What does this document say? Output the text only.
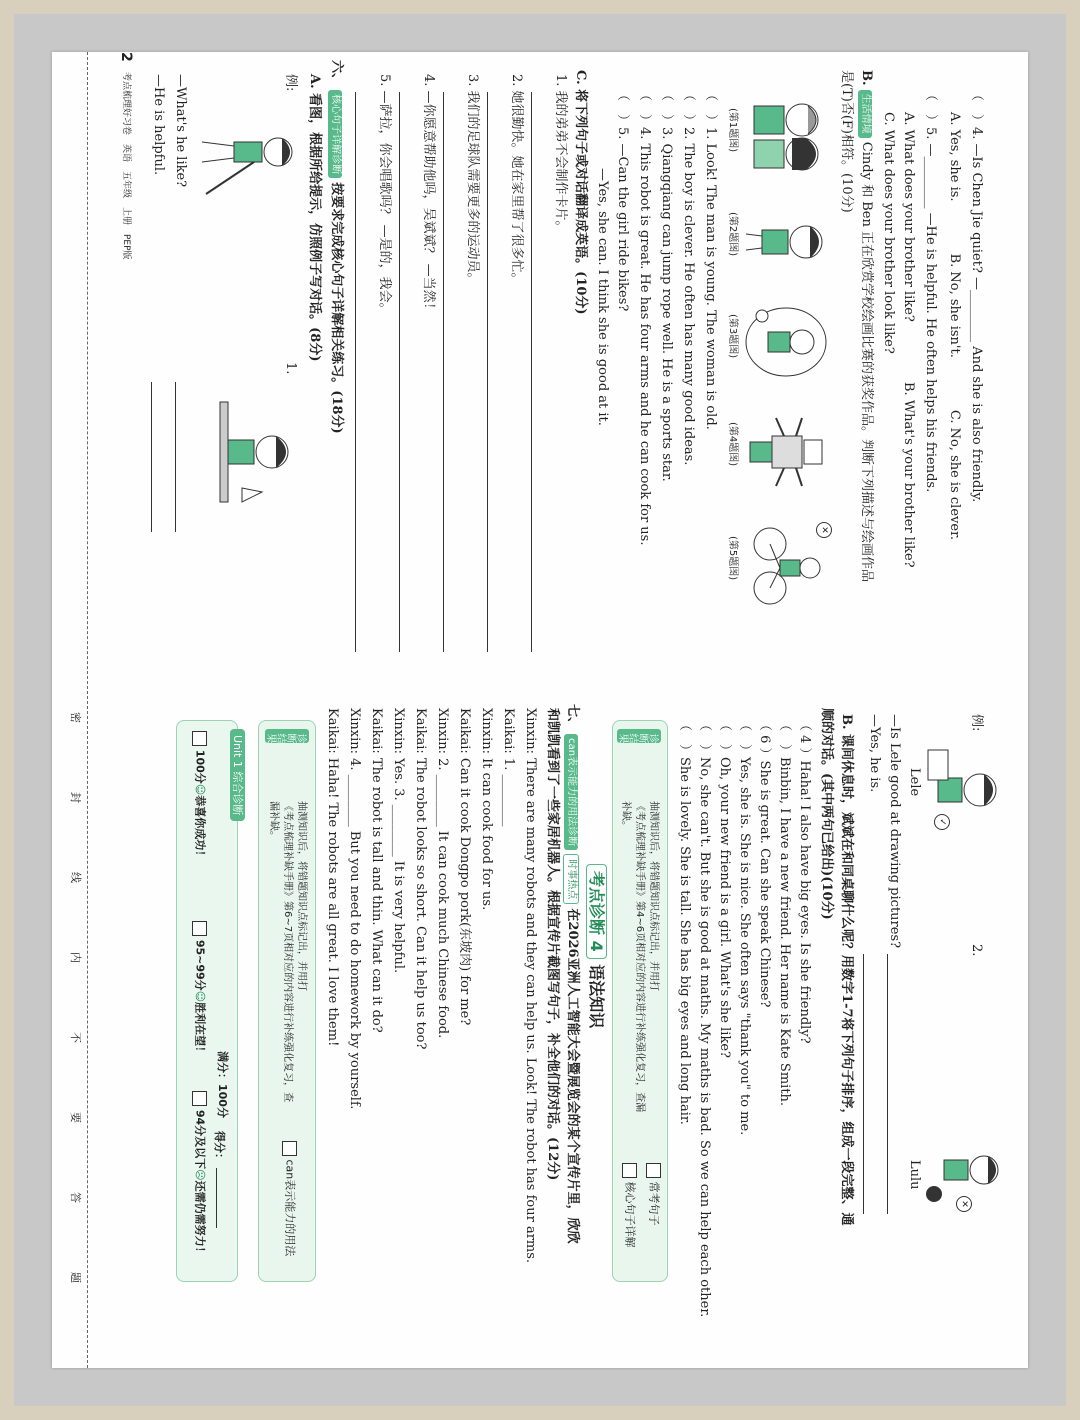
（　）4. —Is Chen Jie quiet? —________ And she is also friendly.
A. Yes, she is.　　　　B. No, she isn't.　　　　C. No, she is clever.
（　）5. —________ —He is helpful. He often helps his friends.
A. What does your brother like?
B. What's your brother like?
C. What does your brother look like?
B. 生活情境 Cindy 和 Ben 正在欣赏学校绘画比赛的获奖作品。判断下列描述与绘画作品
是(T)否(F)相符。(10分)
✕
(第1题图)
(第2题图)
(第3题图)
(第4题图)
(第5题图)
（　）1. Look! The man is young. The woman is old.
（　）2. The boy is clever. He often has many good ideas.
（　）3. Qiangqiang can jump rope well. He is a sports star.
（　）4. This robot is great. He has four arms and he can cook for us.
（　）5. —Can the girl ride bikes?
—Yes, she can. I think she is good at it.
C. 将下列句子或对话翻译成英语。(10分)
1. 我的弟弟不会制作卡片。
2. 她很勤快。她在家里帮了很多忙。
3. 我们的足球队需要更多的运动员。
4. —你愿意帮助他吗，吴斌斌？ —当然！
5. —萨拉，你会唱歌吗？ —是的，我会。
六、 核心句子详解诊断 按要求完成核心句子详解相关练习。(18分)
A. 看图，根据所给提示，仿照例子写对话。(8分)
例:
1.
—What's he like?
—He is helpful.
2
考点梳理好习卷　英语　五年级　上册　PEP版
例:
✓
Lele
2.
✕
Lulu
—Is Lele good at drawing pictures?
—Yes, he is.
B. 课间休息时，斌斌在和同桌聊什么呢？用数字1-7将下列句子排序，组成一段完整、通
顺的对话。(其中两句已给出)(10分)
（ 4 ）Haha! I also have big eyes. Is she friendly?
（　）Binbin, I have a new friend. Her name is Kate Smith.
（ 6 ）She is great. Can she speak Chinese?
（　）Yes, she is. She is nice. She often says "thank you" to me.
（　）Oh, your new friend is a girl. What's she like?
（　）No, she can't. But she is good at maths. My maths is bad. So we can help each other.
（　）She is lovely. She is tall. She has big eyes and long hair.
诊断结果
抽测知识后，将错题知识点标记出，并用打
《考点梳理补缺手册》第4~6页相对应的内容进行补练强化复习，查漏
补缺。
常考句子
核心句子详解
考点诊断 4 语法知识
七、 can表示能力的用法诊断 时事热点 在2026亚洲人工智能大会暨展览会的某个宣传片里，欣欣
和凯凯看到了一些家居机器人。根据宣传片截图写句子，补全他们的对话。(12分)
Xinxin: There are many robots and they can help us. Look! The robot has four arms.
Kaikai: 1. ________
Xinxin: It can cook food for us.
Kaikai: Can it cook Dongpo pork(东坡肉) for me?
Xinxin: 2. ________ It can cook much Chinese food.
Kaikai: The robot looks so short. Can it help us too?
Xinxin: Yes. 3. ________ It is very helpful.
Kaikai: The robot is tall and thin. What can it do?
Xinxin: 4. ________ But you need to do homework by yourself.
Kaikai: Haha! The robots are all great. I love them!
诊断结果
抽测知识后，将错题知识点标记出，并用打
《考点梳理补缺手册》第6~7页相对应的内容进行补练强化复习，查
漏补缺。
can表示能力的用法
Unit 1 综合诊断
满分：100分
得分：
100分☺恭喜你成功！
95~99分☺胜利在望！
94分及以下☹还需仍需努力！
密
封
线
内
不
要
答
题
